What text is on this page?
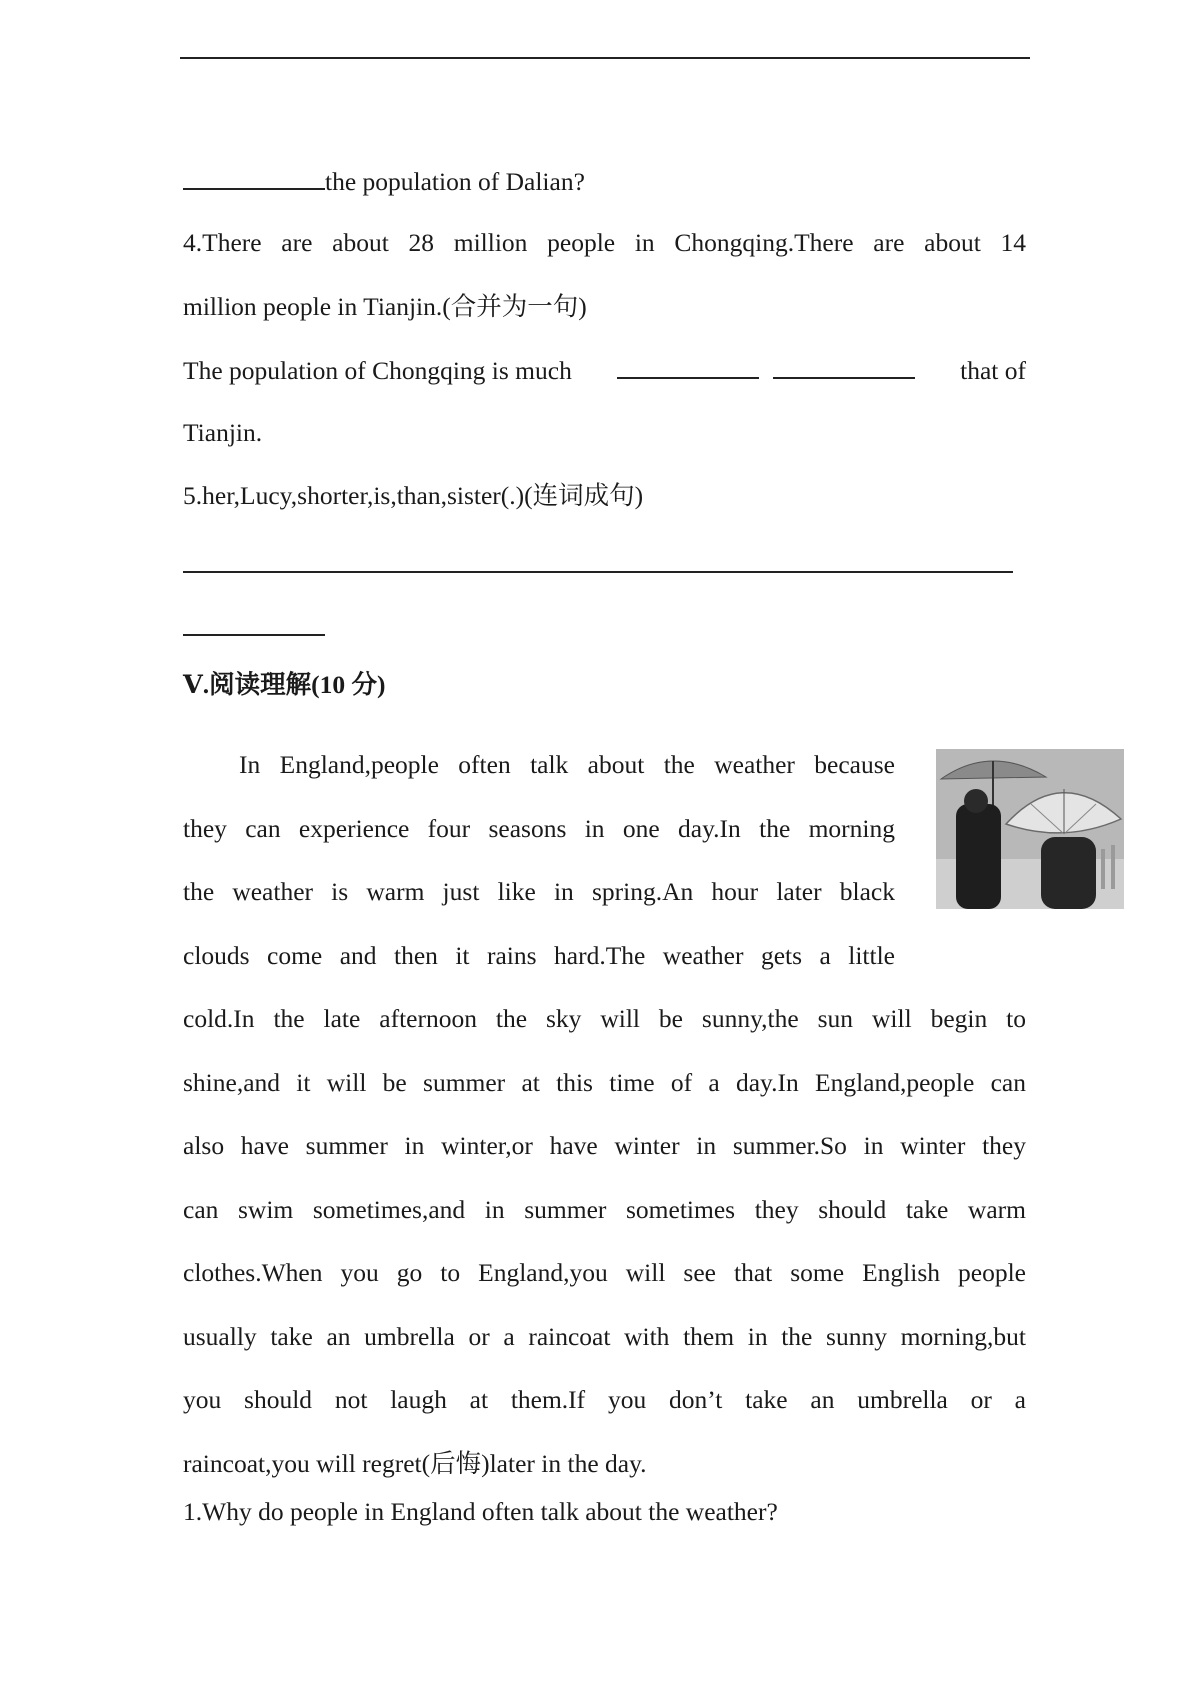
the population of Dalian?
4.There are about 28 million people in Chongqing.There are about 14
million people in Tianjin.(合并为一句)
The population of Chongqing is much	that of
Tianjin.
5.her,Lucy,shorter,is,than,sister(.)(连词成句)
Ⅴ.阅读理解(10 分)
In England,people often talk about the weather because
they can experience four seasons in one day.In the morning
the weather is warm just like in spring.An hour later black
clouds come and then it rains hard.The weather gets a little
cold.In the late afternoon the sky will be sunny,the sun will begin to
shine,and it will be summer at this time of a day.In England,people can
also have summer in winter,or have winter in summer.So in winter they
can swim sometimes,and in summer sometimes they should take warm
clothes.When you go to England,you will see that some English people
usually take an umbrella or a raincoat with them in the sunny morning,but
you should not laugh at them.If you don’t take an umbrella or a
raincoat,you will regret(后悔)later in the day.
1.Why do people in England often talk about the weather?
